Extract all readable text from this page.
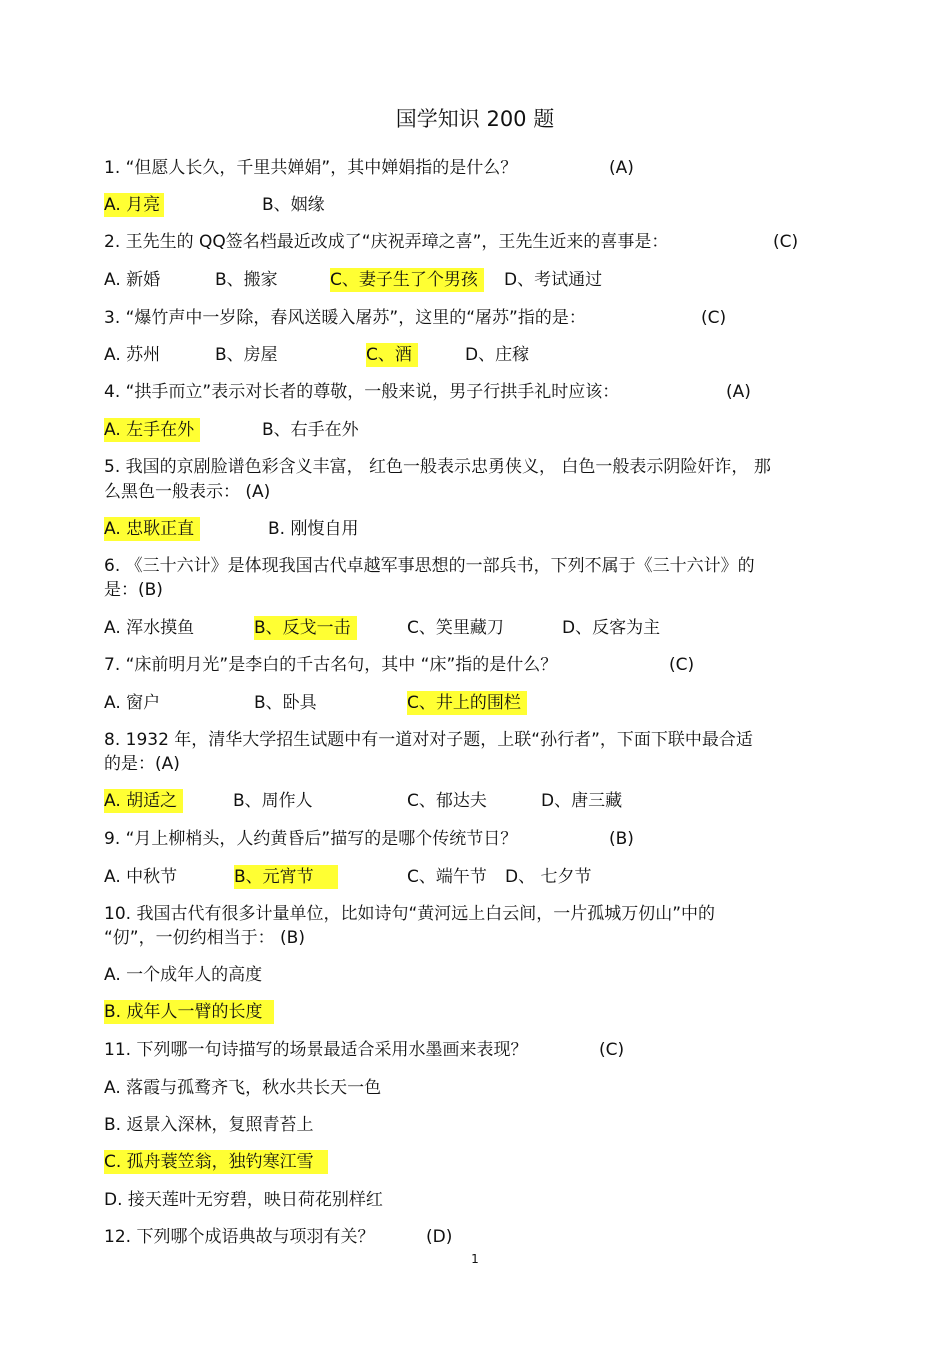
国学知识 200 题
1. “但愿人长久，千里共婵娟”，其中婵娟指的是什么？	(A)
A. 月亮	B、姻缘
2. 王先生的 QQ签名档最近改成了“庆祝弄璋之喜”，王先生近来的喜事是：	(C)
A. 新婚	B、搬家	C、妻子生了个男孩	D、考试通过
3. “爆竹声中一岁除，春风送暖入屠苏”，这里的“屠苏”指的是：	(C)
A. 苏州	B、房屋	C、酒	D、庄稼
4. “拱手而立”表示对长者的尊敬，一般来说，男子行拱手礼时应该：	(A)
A. 左手在外	B、右手在外
5. 我国的京剧脸谱色彩含义丰富， 红色一般表示忠勇侠义， 白色一般表示阴险奸诈， 那
么黑色一般表示： (A)
A. 忠耿正直	B. 刚愎自用
6. 《三十六计》是体现我国古代卓越军事思想的一部兵书，下列不属于《三十六计》的
是：(B)
A. 浑水摸鱼	B、反戈一击	C、笑里藏刀	D、反客为主
7. “床前明月光”是李白的千古名句，其中 “床”指的是什么？	(C)
A. 窗户	B、卧具	C、井上的围栏
8. 1932 年，清华大学招生试题中有一道对对子题，上联“孙行者”，下面下联中最合适
的是：(A)
A. 胡适之	B、周作人	C、郁达夫	D、唐三藏
9. “月上柳梢头，人约黄昏后”描写的是哪个传统节日？	(B)
A. 中秋节	B、元宵节	C、端午节 D、 七夕节
10. 我国古代有很多计量单位，比如诗句“黄河远上白云间，一片孤城万仞山”中的
“仞”，一仞约相当于： (B)
A. 一个成年人的高度
B. 成年人一臂的长度
11. 下列哪一句诗描写的场景最适合采用水墨画来表现？	(C)
A. 落霞与孤鹜齐飞，秋水共长天一色
B. 返景入深林，复照青苔上
C. 孤舟蓑笠翁，独钓寒江雪
D. 接天莲叶无穷碧，映日荷花别样红
12. 下列哪个成语典故与项羽有关？	(D)
1
